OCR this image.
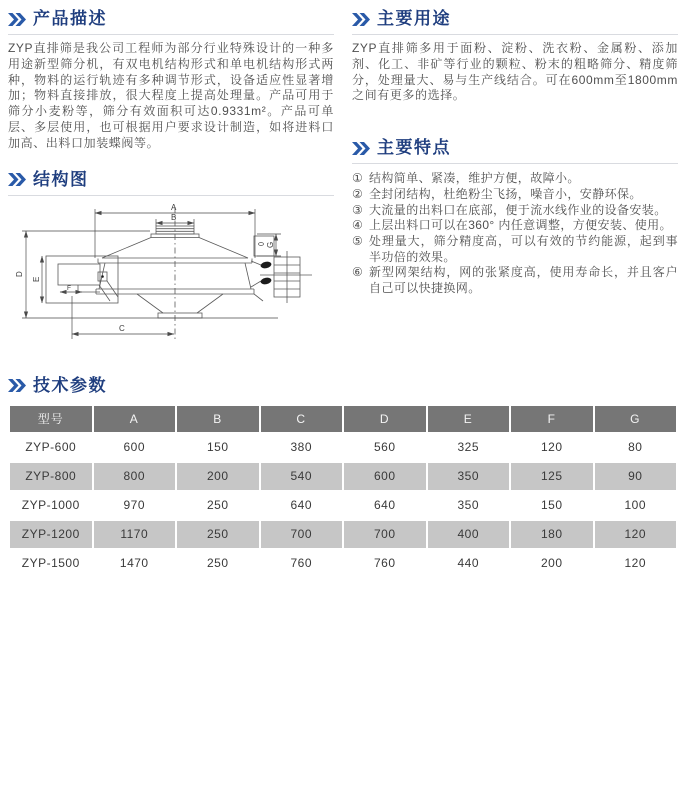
产品描述

ZYP直排筛是我公司工程师为部分行业特殊设计的一种多用途新型筛分机，有双电机结构形式和单电机结构形式两种，物料的运行轨迹有多种调节形式，设备适应性显著增加；物料直接排放，很大程度上提高处理量。产品可用于筛分小麦粉等，筛分有效面积可达0.9331m²。产品可单层、多层使用，也可根据用户要求设计制造，如将进料口加高、出料口加装蝶阀等。

结构图
A
B
C
D
E
F
G
主要用途

ZYP直排筛多用于面粉、淀粉、洗衣粉、金属粉、添加剂、化工、非矿等行业的颗粒、粉末的粗略筛分、精度筛分，处理量大、易与生产线结合。可在600mm至1800mm之间有更多的选择。

主要特点
① 结构简单、紧凑，维护方便，故障小。
② 全封闭结构，杜绝粉尘飞扬，噪音小，安静环保。
③ 大流量的出料口在底部，便于流水线作业的设备安装。
④ 上层出料口可以在360° 内任意调整，方便安装、使用。
⑤ 处理量大，筛分精度高，可以有效的节约能源，起到事半功倍的效果。
⑥ 新型网架结构，网的张紧度高，使用寿命长，并且客户自己可以快捷换网。
技术参数
型号	A	B	C	D	E	F	G
ZYP-600	600	150	380	560	325	120	80
ZYP-800	800	200	540	600	350	125	90
ZYP-1000	970	250	640	640	350	150	100
ZYP-1200	1170	250	700	700	400	180	120
ZYP-1500	1470	250	760	760	440	200	120
